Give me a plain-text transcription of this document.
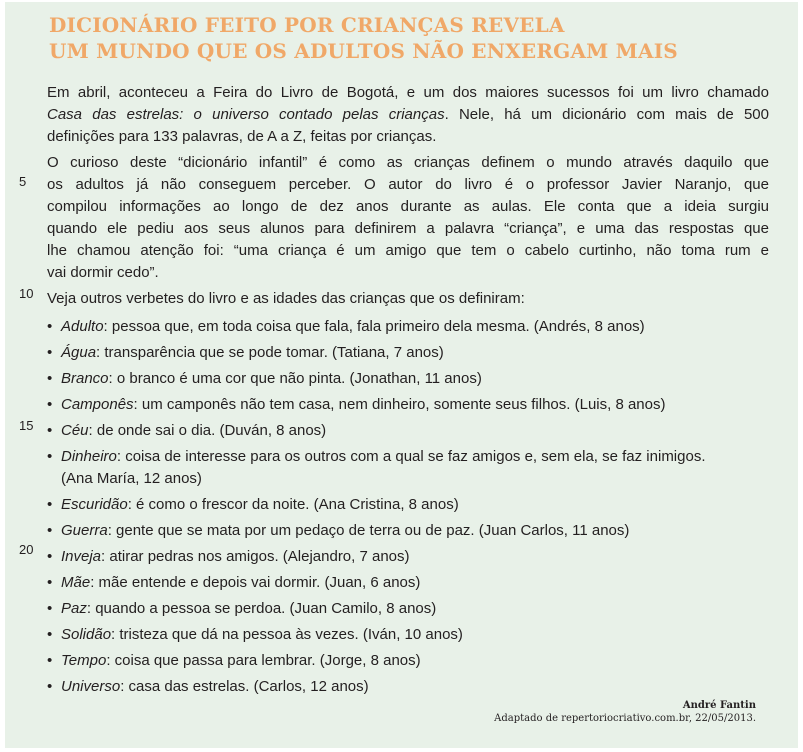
DICIONÁRIO FEITO POR CRIANÇAS REVELA
UM MUNDO QUE OS ADULTOS NÃO ENXERGAM MAIS
5
10
15
20

Em abril, aconteceu a Feira do Livro de Bogotá, e um dos maiores sucessos foi um livro chamado
Casa das estrelas: o universo contado pelas crianças. Nele, há um dicionário com mais de 500
definições para 133 palavras, de A a Z, feitas por crianças.

O curioso deste “dicionário infantil” é como as crianças definem o mundo através daquilo que
os adultos já não conseguem perceber. O autor do livro é o professor Javier Naranjo, que
compilou informações ao longo de dez anos durante as aulas. Ele conta que a ideia surgiu
quando ele pediu aos seus alunos para definirem a palavra “criança”, e uma das respostas que
lhe chamou atenção foi: “uma criança é um amigo que tem o cabelo curtinho, não toma rum e
vai dormir cedo”.

Veja outros verbetes do livro e as idades das crianças que os definiram:

• Adulto: pessoa que, em toda coisa que fala, fala primeiro dela mesma. (Andrés, 8 anos)
• Água: transparência que se pode tomar. (Tatiana, 7 anos)
• Branco: o branco é uma cor que não pinta. (Jonathan, 11 anos)
• Camponês: um camponês não tem casa, nem dinheiro, somente seus filhos. (Luis, 8 anos)
• Céu: de onde sai o dia. (Duván, 8 anos)
• Dinheiro: coisa de interesse para os outros com a qual se faz amigos e, sem ela, se faz inimigos.
(Ana María, 12 anos)
• Escuridão: é como o frescor da noite. (Ana Cristina, 8 anos)
• Guerra: gente que se mata por um pedaço de terra ou de paz. (Juan Carlos, 11 anos)
• Inveja: atirar pedras nos amigos. (Alejandro, 7 anos)
• Mãe: mãe entende e depois vai dormir. (Juan, 6 anos)
• Paz: quando a pessoa se perdoa. (Juan Camilo, 8 anos)
• Solidão: tristeza que dá na pessoa às vezes. (Iván, 10 anos)
• Tempo: coisa que passa para lembrar. (Jorge, 8 anos)
• Universo: casa das estrelas. (Carlos, 12 anos)
André Fantin
Adaptado de repertoriocriativo.com.br, 22/05/2013.
